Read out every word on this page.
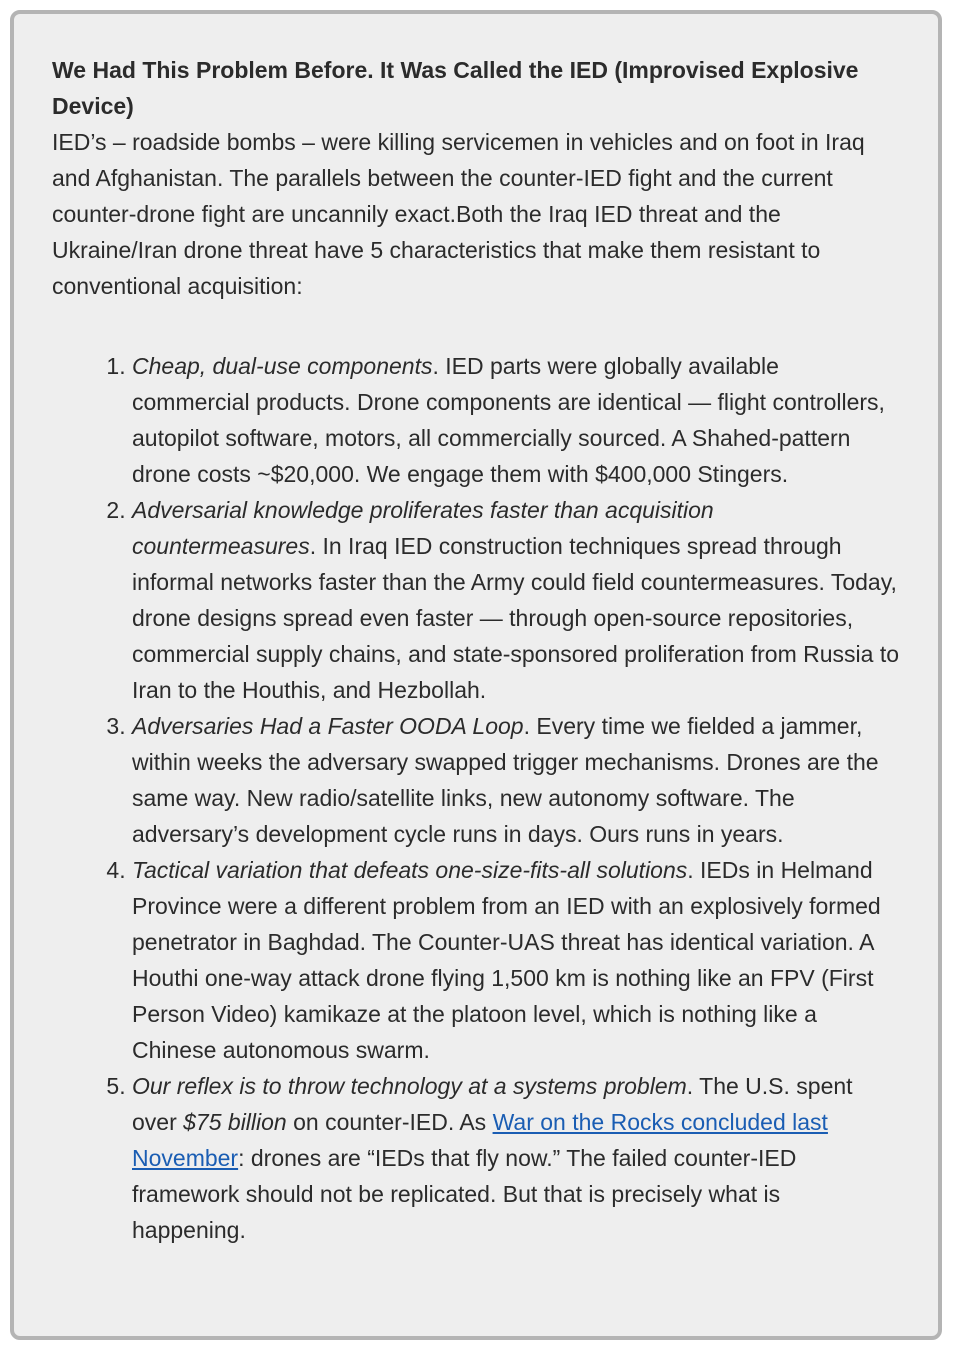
We Had This Problem Before. It Was Called the IED (Improvised Explosive Device)

IED’s – roadside bombs – were killing servicemen in vehicles and on foot in Iraq and Afghanistan. The parallels between the counter-IED fight and the current counter-drone fight are uncannily exact.Both the Iraq IED threat and the Ukraine/Iran drone threat have 5 characteristics that make them resistant to conventional acquisition:

1. Cheap, dual-use components. IED parts were globally available commercial products. Drone components are identical — flight controllers, autopilot software, motors, all commercially sourced. A Shahed-pattern drone costs ~$20,000. We engage them with $400,000 Stingers.
2. Adversarial knowledge proliferates faster than acquisition countermeasures. In Iraq IED construction techniques spread through informal networks faster than the Army could field countermeasures. Today, drone designs spread even faster — through open-source repositories, commercial supply chains, and state-sponsored proliferation from Russia to Iran to the Houthis, and Hezbollah.
3. Adversaries Had a Faster OODA Loop. Every time we fielded a jammer, within weeks the adversary swapped trigger mechanisms. Drones are the same way. New radio/satellite links, new autonomy software. The adversary’s development cycle runs in days. Ours runs in years.
4. Tactical variation that defeats one-size-fits-all solutions. IEDs in Helmand Province were a different problem from an IED with an explosively formed penetrator in Baghdad. The Counter-UAS threat has identical variation. A Houthi one-way attack drone flying 1,500 km is nothing like an FPV (First Person Video) kamikaze at the platoon level, which is nothing like a Chinese autonomous swarm.
5. Our reflex is to throw technology at a systems problem. The U.S. spent over $75 billion on counter-IED. As War on the Rocks concluded last November: drones are “IEDs that fly now.” The failed counter-IED framework should not be replicated. But that is precisely what is happening.
